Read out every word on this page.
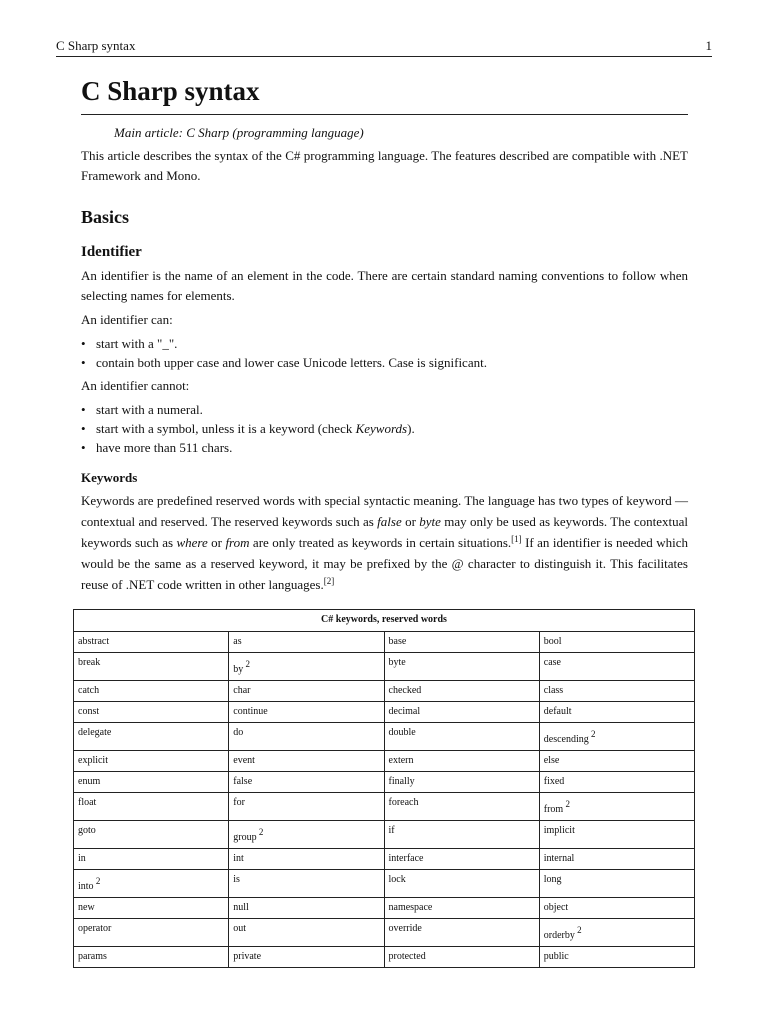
C Sharp syntax	1
C Sharp syntax
Main article: C Sharp (programming language)

This article describes the syntax of the C# programming language. The features described are compatible with .NET Framework and Mono.

Basics
Identifier

An identifier is the name of an element in the code. There are certain standard naming conventions to follow when selecting names for elements.

An identifier can:

• start with a "_".
• contain both upper case and lower case Unicode letters. Case is significant.

An identifier cannot:

• start with a numeral.
• start with a symbol, unless it is a keyword (check Keywords).
• have more than 511 chars.
Keywords

Keywords are predefined reserved words with special syntactic meaning. The language has two types of keyword — contextual and reserved. The reserved keywords such as false or byte may only be used as keywords. The contextual keywords such as where or from are only treated as keywords in certain situations.[1] If an identifier is needed which would be the same as a reserved keyword, it may be prefixed by the @ character to distinguish it. This facilitates reuse of .NET code written in other languages.[2]

C# keywords, reserved words			
abstract	as	base	bool
break	by $^2$	byte	case
catch	char	checked	class
const	continue	decimal	default
delegate	do	double	descending $^2$
explicit	event	extern	else
enum	false	finally	fixed
float	for	foreach	from $^2$
goto	group $^2$	if	implicit
in	int	interface	internal
into $^2$	is	lock	long
new	null	namespace	object
operator	out	override	orderby $^2$
params	private	protected	public
